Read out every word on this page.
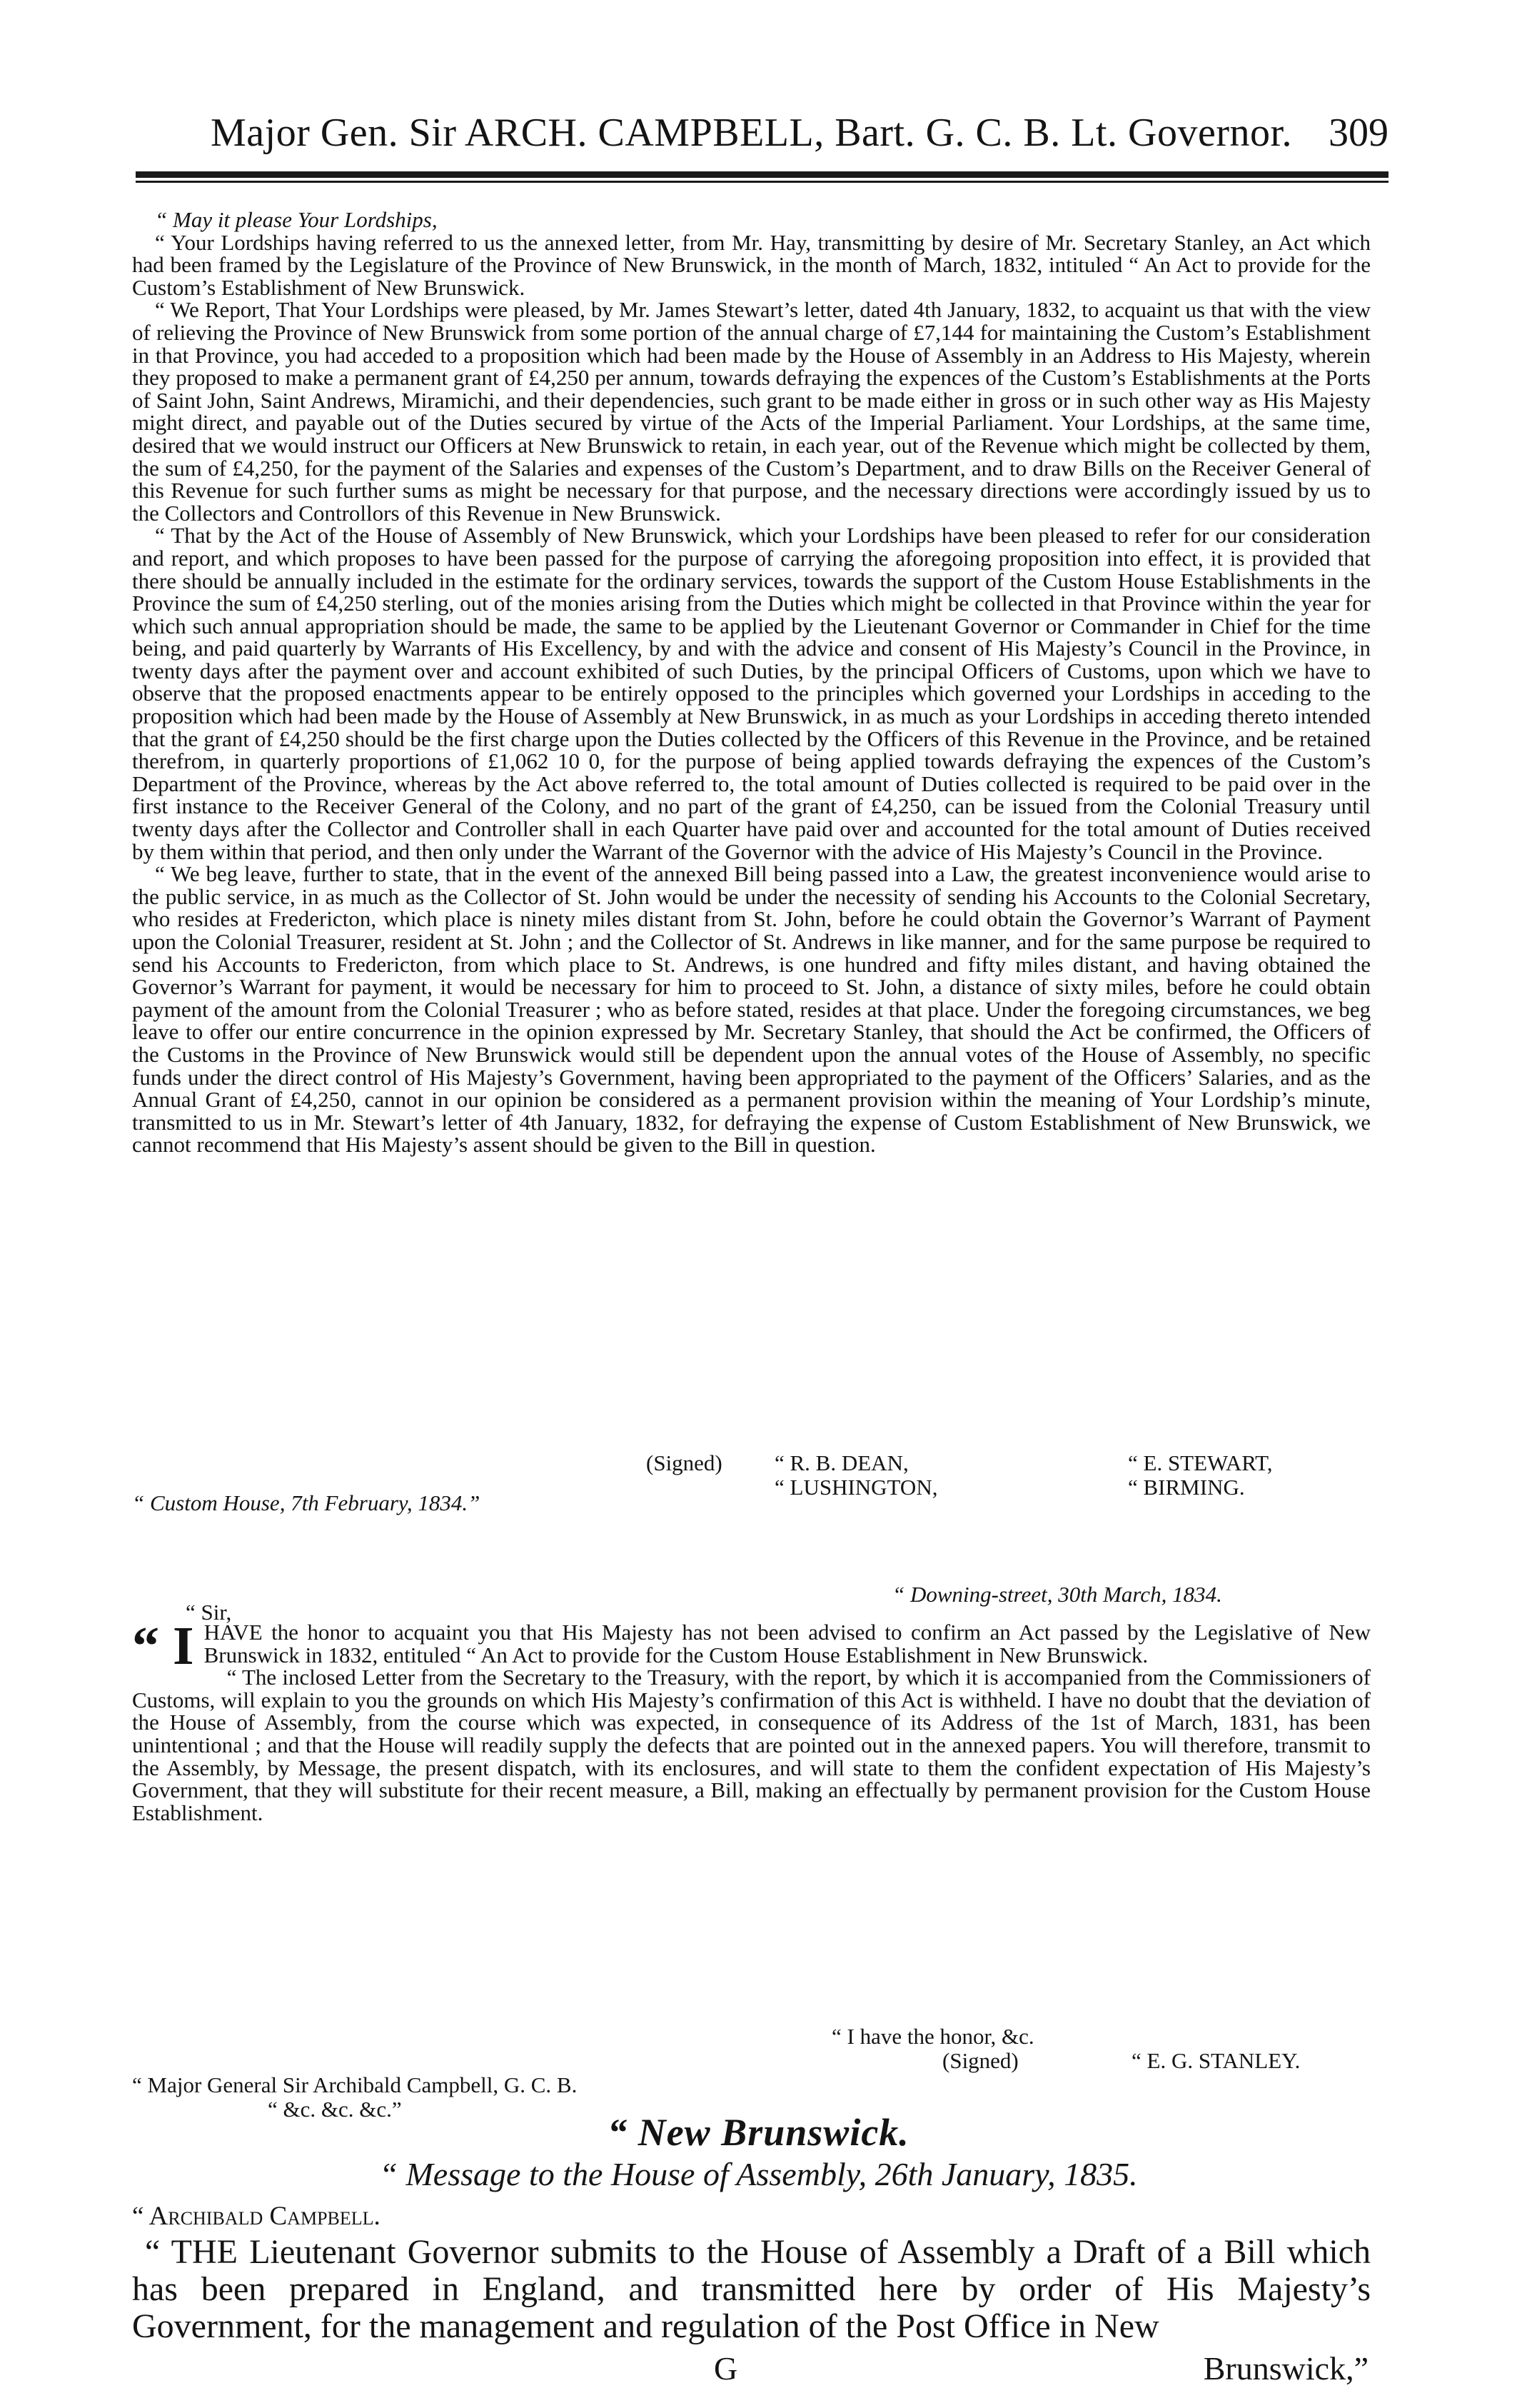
Major Gen. Sir ARCH. CAMPBELL, Bart. G. C. B. Lt. Governor. 309

“ May it please Your Lordships,

“ Your Lordships having referred to us the annexed letter, from Mr. Hay, transmitting by desire of Mr. Secretary Stanley, an Act which had been framed by the Legislature of the Province of New Brunswick, in the month of March, 1832, intituled “ An Act to provide for the Custom’s Establishment of New Brunswick.

“ We Report, That Your Lordships were pleased, by Mr. James Stewart’s letter, dated 4th January, 1832, to acquaint us that with the view of relieving the Province of New Brunswick from some portion of the annual charge of £7,144 for maintaining the Custom’s Establishment in that Province, you had acceded to a proposition which had been made by the House of Assembly in an Address to His Majesty, wherein they proposed to make a permanent grant of £4,250 per annum, towards defraying the expences of the Custom’s Establishments at the Ports of Saint John, Saint Andrews, Miramichi, and their dependencies, such grant to be made either in gross or in such other way as His Majesty might direct, and payable out of the Duties secured by virtue of the Acts of the Imperial Parliament. Your Lordships, at the same time, desired that we would instruct our Officers at New Brunswick to retain, in each year, out of the Revenue which might be collected by them, the sum of £4,250, for the payment of the Salaries and expenses of the Custom’s Department, and to draw Bills on the Receiver General of this Revenue for such further sums as might be necessary for that purpose, and the necessary directions were accordingly issued by us to the Collectors and Controllors of this Revenue in New Brunswick.

“ That by the Act of the House of Assembly of New Brunswick, which your Lordships have been pleased to refer for our consideration and report, and which proposes to have been passed for the purpose of carrying the aforegoing proposition into effect, it is provided that there should be annually included in the estimate for the ordinary services, towards the support of the Custom House Establishments in the Province the sum of £4,250 sterling, out of the monies arising from the Duties which might be collected in that Province within the year for which such annual appropriation should be made, the same to be applied by the Lieutenant Governor or Commander in Chief for the time being, and paid quarterly by Warrants of His Excellency, by and with the advice and consent of His Majesty’s Council in the Province, in twenty days after the payment over and account exhibited of such Duties, by the principal Officers of Customs, upon which we have to observe that the proposed enactments appear to be entirely opposed to the principles which governed your Lordships in acceding to the proposition which had been made by the House of Assembly at New Brunswick, in as much as your Lordships in acceding thereto intended that the grant of £4,250 should be the first charge upon the Duties collected by the Officers of this Revenue in the Province, and be retained therefrom, in quarterly proportions of £1,062 10 0, for the purpose of being applied towards defraying the expences of the Custom’s Department of the Province, whereas by the Act above referred to, the total amount of Duties collected is required to be paid over in the first instance to the Receiver General of the Colony, and no part of the grant of £4,250, can be issued from the Colonial Treasury until twenty days after the Collector and Controller shall in each Quarter have paid over and accounted for the total amount of Duties received by them within that period, and then only under the Warrant of the Governor with the advice of His Majesty’s Council in the Province.

“ We beg leave, further to state, that in the event of the annexed Bill being passed into a Law, the greatest inconvenience would arise to the public service, in as much as the Collector of St. John would be under the necessity of sending his Accounts to the Colonial Secretary, who resides at Fredericton, which place is ninety miles distant from St. John, before he could obtain the Governor’s Warrant of Payment upon the Colonial Treasurer, resident at St. John ; and the Collector of St. Andrews in like manner, and for the same purpose be required to send his Accounts to Fredericton, from which place to St. Andrews, is one hundred and fifty miles distant, and having obtained the Governor’s Warrant for payment, it would be necessary for him to proceed to St. John, a distance of sixty miles, before he could obtain payment of the amount from the Colonial Treasurer ; who as before stated, resides at that place. Under the foregoing circumstances, we beg leave to offer our entire concurrence in the opinion expressed by Mr. Secretary Stanley, that should the Act be confirmed, the Officers of the Customs in the Province of New Brunswick would still be dependent upon the annual votes of the House of Assembly, no specific funds under the direct control of His Majesty’s Government, having been appropriated to the payment of the Officers’ Salaries, and as the Annual Grant of £4,250, cannot in our opinion be considered as a permanent provision within the meaning of Your Lordship’s minute, transmitted to us in Mr. Stewart’s letter of 4th January, 1832, for defraying the expense of Custom Establishment of New Brunswick, we cannot recommend that His Majesty’s assent should be given to the Bill in question.

(Signed) “ R. B. DEAN,
“ LUSHINGTON,
“ E. STEWART,
“ BIRMING.
“ Custom House, 7th February, 1834.”
“ Downing-street, 30th March, 1834.
“ Sir,

“ I HAVE the honor to acquaint you that His Majesty has not been advised to confirm an Act passed by the Legislative of New Brunswick in 1832, entituled “ An Act to provide for the Custom House Establishment in New Brunswick.

“ The inclosed Letter from the Secretary to the Treasury, with the report, by which it is accompanied from the Commissioners of Customs, will explain to you the grounds on which His Majesty’s confirmation of this Act is withheld. I have no doubt that the deviation of the House of Assembly, from the course which was expected, in consequence of its Address of the 1st of March, 1831, has been unintentional ; and that the House will readily supply the defects that are pointed out in the annexed papers. You will therefore, transmit to the Assembly, by Message, the present dispatch, with its enclosures, and will state to them the confident expectation of His Majesty’s Government, that they will substitute for their recent measure, a Bill, making an effectually by permanent provision for the Custom House Establishment.

“ I have the honor, &c.
(Signed)	“ E. G. STANLEY.
“ Major General Sir Archibald Campbell, G. C. B.
“ &c. &c. &c.”
“ New Brunswick.
“ Message to the House of Assembly, 26th January, 1835.
“ Archibald Campbell.

“ THE Lieutenant Governor submits to the House of Assembly a Draft of a Bill which has been prepared in England, and transmitted here by order of His Majesty’s Government, for the management and regulation of the Post Office in New

G	Brunswick,”
